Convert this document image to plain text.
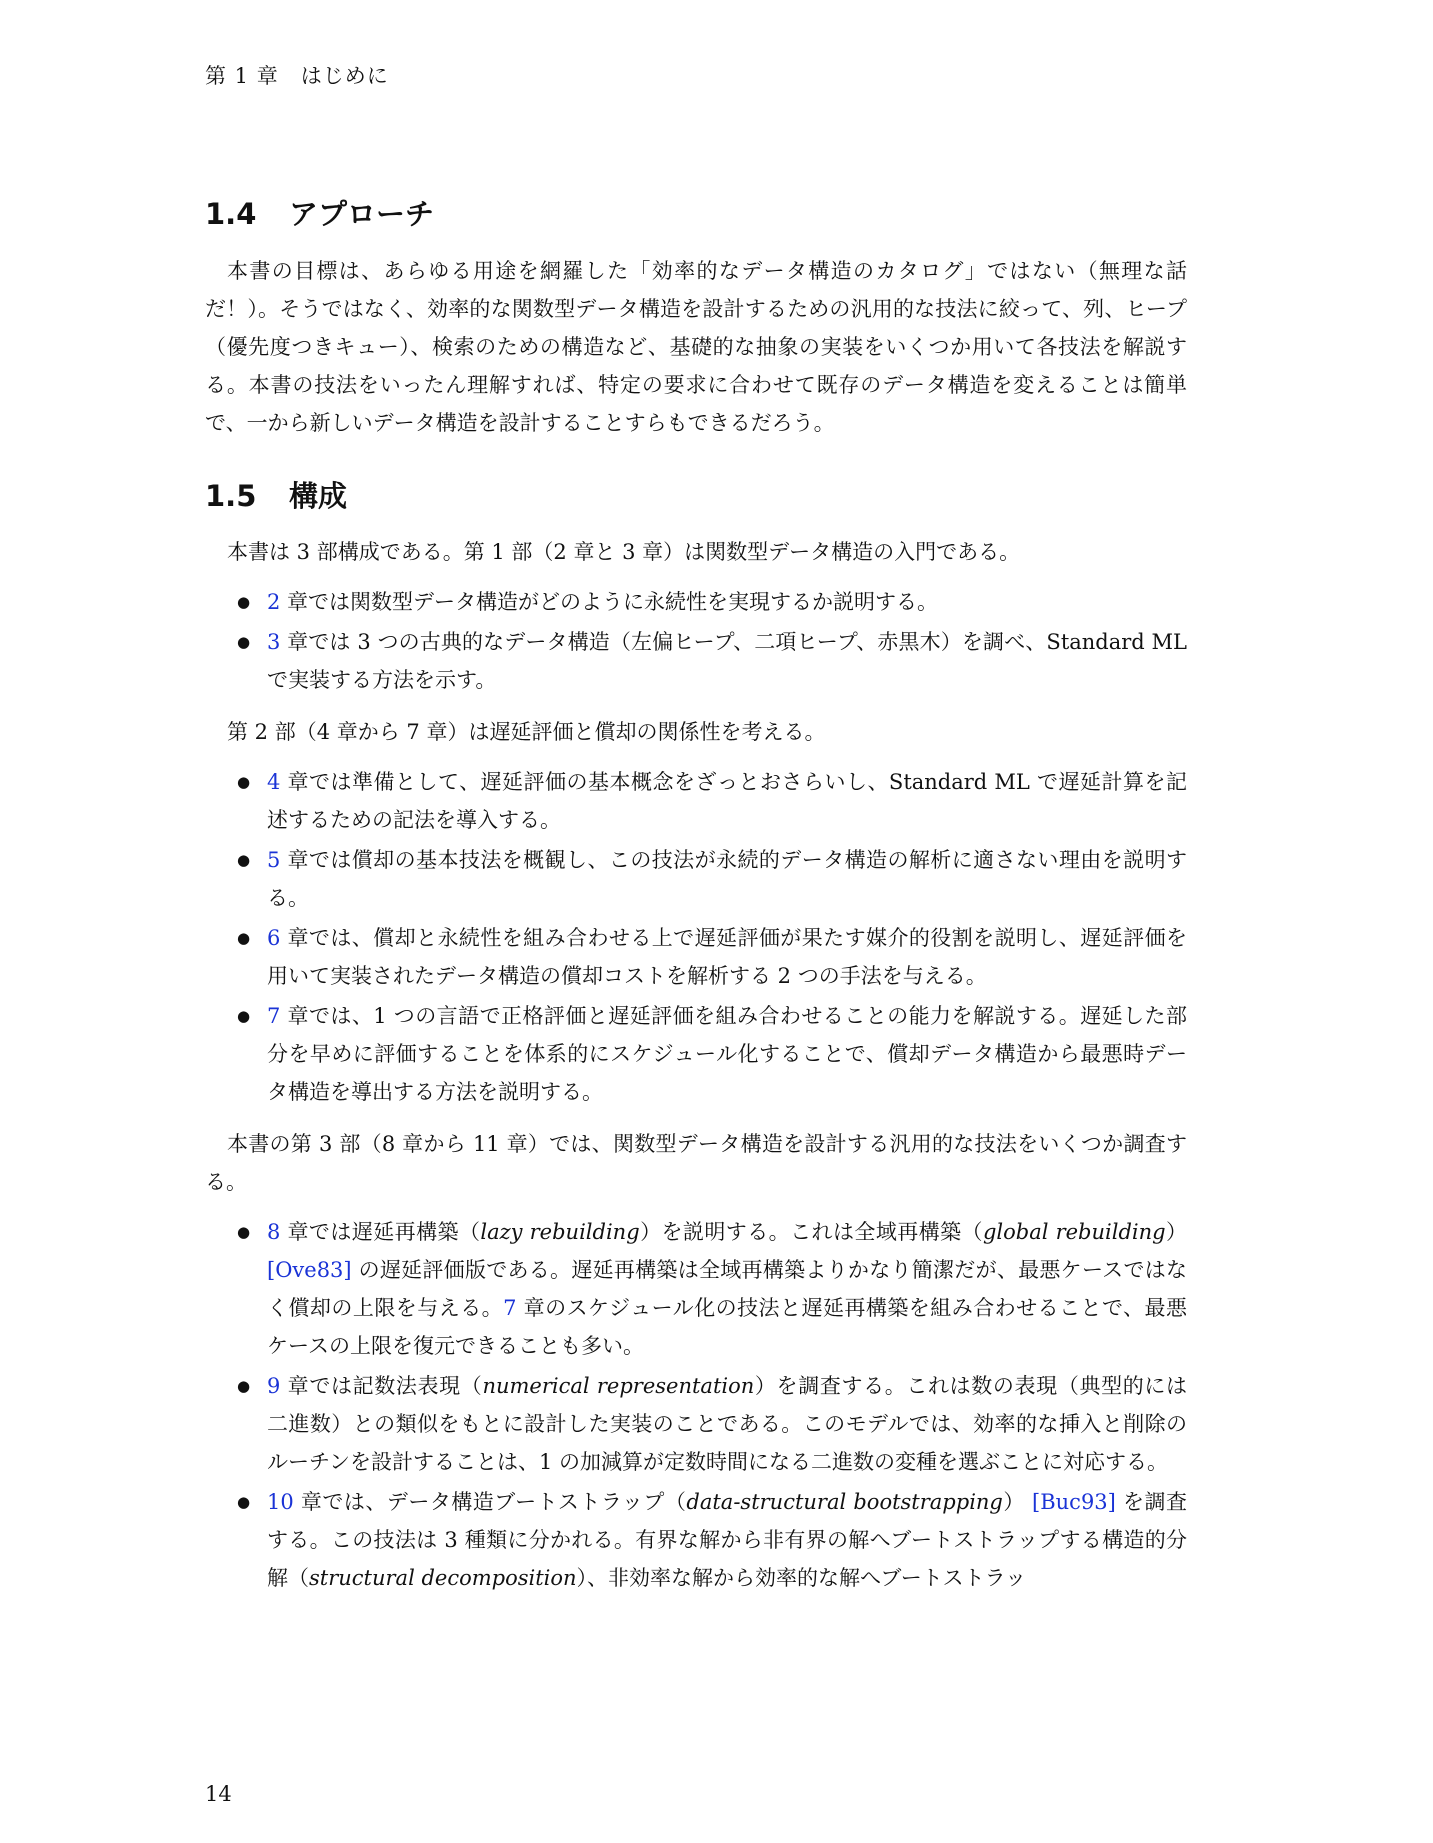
第 1 章　はじめに
1.4 アプローチ

本書の目標は、あらゆる用途を網羅した「効率的なデータ構造のカタログ」ではない（無理な話だ！）。そうではなく、効率的な関数型データ構造を設計するための汎用的な技法に絞って、列、ヒープ（優先度つきキュー）、検索のための構造など、基礎的な抽象の実装をいくつか用いて各技法を解説する。本書の技法をいったん理解すれば、特定の要求に合わせて既存のデータ構造を変えることは簡単で、一から新しいデータ構造を設計することすらもできるだろう。

1.5 構成

本書は 3 部構成である。第 1 部（2 章と 3 章）は関数型データ構造の入門である。

● 2 章では関数型データ構造がどのように永続性を実現するか説明する。
● 3 章では 3 つの古典的なデータ構造（左偏ヒープ、二項ヒープ、赤黒木）を調べ、Standard ML で実装する方法を示す。

第 2 部（4 章から 7 章）は遅延評価と償却の関係性を考える。

● 4 章では準備として、遅延評価の基本概念をざっとおさらいし、Standard ML で遅延計算を記述するための記法を導入する。
● 5 章では償却の基本技法を概観し、この技法が永続的データ構造の解析に適さない理由を説明する。
● 6 章では、償却と永続性を組み合わせる上で遅延評価が果たす媒介的役割を説明し、遅延評価を用いて実装されたデータ構造の償却コストを解析する 2 つの手法を与える。
● 7 章では、1 つの言語で正格評価と遅延評価を組み合わせることの能力を解説する。遅延した部分を早めに評価することを体系的にスケジュール化することで、償却データ構造から最悪時データ構造を導出する方法を説明する。

本書の第 3 部（8 章から 11 章）では、関数型データ構造を設計する汎用的な技法をいくつか調査する。

● 8 章では遅延再構築（lazy rebuilding）を説明する。これは全域再構築（global rebuilding） [Ove83] の遅延評価版である。遅延再構築は全域再構築よりかなり簡潔だが、最悪ケースではなく償却の上限を与える。7 章のスケジュール化の技法と遅延再構築を組み合わせることで、最悪ケースの上限を復元できることも多い。
● 9 章では記数法表現（numerical representation）を調査する。これは数の表現（典型的には二進数）との類似をもとに設計した実装のことである。このモデルでは、効率的な挿入と削除のルーチンを設計することは、1 の加減算が定数時間になる二進数の変種を選ぶことに対応する。
● 10 章では、データ構造ブートストラップ（data-structural bootstrapping） [Buc93] を調査する。この技法は 3 種類に分かれる。有界な解から非有界の解へブートストラップする構造的分解（structural decomposition）、非効率な解から効率的な解へブートストラッ
14
